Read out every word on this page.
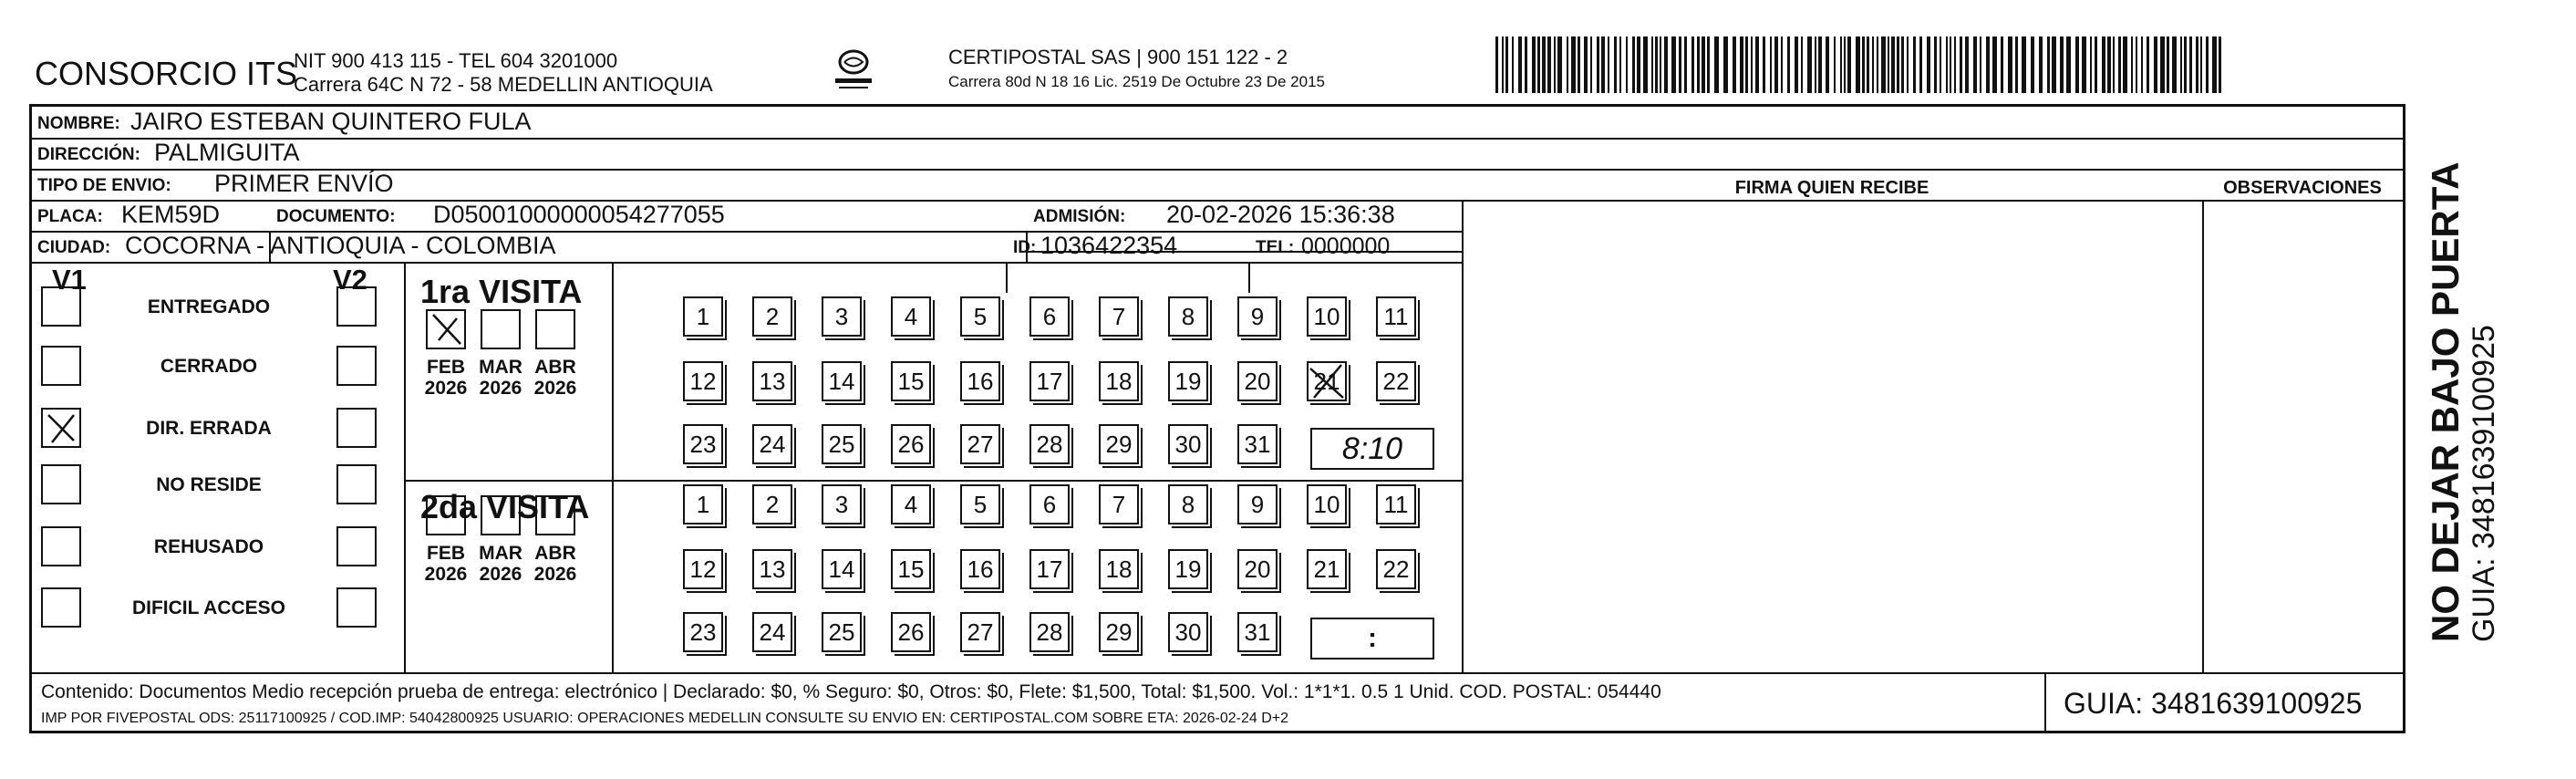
CONSORCIO ITS
NIT 900 413 115 - TEL 604 3201000
Carrera 64C N 72 - 58 MEDELLIN ANTIOQUIA
CERTIPOSTAL SAS | 900 151 122 - 2
Carrera 80d N 18 16 Lic. 2519 De Octubre 23 De 2015
NOMBRE: JAIRO ESTEBAN QUINTERO FULA
DIRECCIÓN: PALMIGUITA
TIPO DE ENVIO: PRIMER ENVÍO	FIRMA QUIEN RECIBE	OBSERVACIONES
PLACA: KEM59D	DOCUMENTO: D05001000000054277055	ADMISIÓN: 20-02-2026 15:36:38
CIUDAD: COCORNA - ANTIOQUIA - COLOMBIA	ID: 1036422354	TEL: 0000000
V1	V2
ENTREGADO
CERRADO
DIR. ERRADA
NO RESIDE
REHUSADO
DIFICIL ACCESO
1ra VISITA
2da VISITA
FEB
2026
MAR
2026
ABR
2026
FEB
2026
MAR
2026
ABR
2026
1	2	3	4	5	6	7	8	9	10	11
12 13 14 15 16 17 18 19 20 21 22
23 24 25 26 27 28 29 30 31
1	2	3	4	5	6	7	8	9	10	11
12 13 14 15 16 17 18 19 20 21 22
23 24 25 26 27 28 29 30 31
8:10
:
Contenido: Documentos Medio recepción prueba de entrega: electrónico | Declarado: $0, % Seguro: $0, Otros: $0, Flete: $1,500, Total: $1,500. Vol.: 1*1*1. 0.5 1 Unid. COD. POSTAL: 054440
IMP POR FIVEPOSTAL ODS: 25117100925 / COD.IMP: 54042800925 USUARIO: OPERACIONES MEDELLIN CONSULTE SU ENVIO EN: CERTIPOSTAL.COM SOBRE ETA: 2026-02-24 D+2	GUIA: 3481639100925
NO DEJAR BAJO PUERTA GUIA: 3481639100925
